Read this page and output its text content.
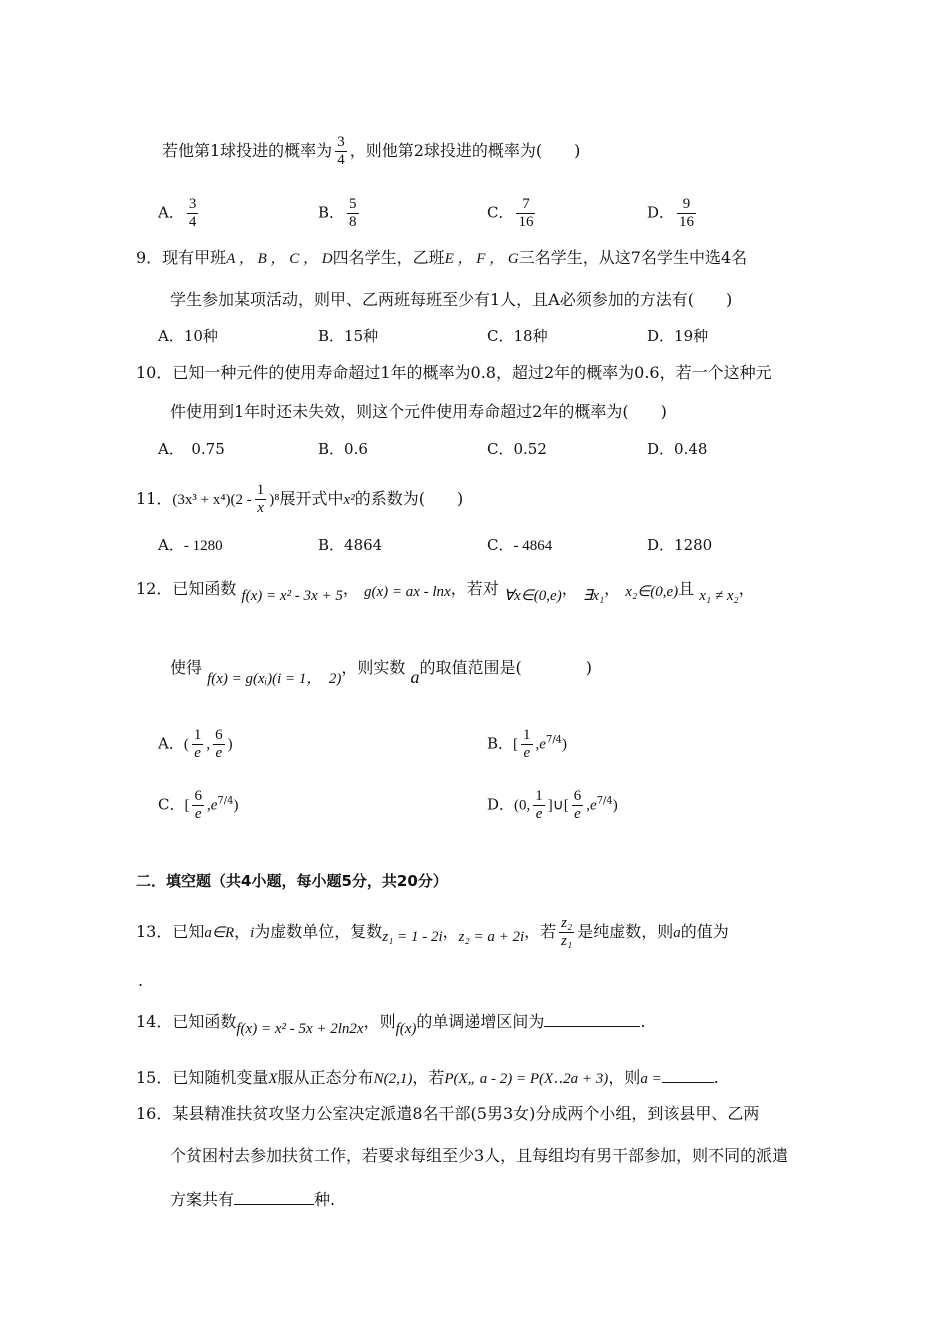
若他第1球投进的概率为 $\frac{3}{4}$ ，则他第2球投进的概率为(　　)
A． $\frac{3}{4}$	B． $\frac{5}{8}$	C． $\frac{7}{16}$	D． $\frac{9}{16}$
9．现有甲班A ， B ， C ， D四名学生，乙班E ， F ， G三名学生，从这7名学生中选4名
学生参加某项活动，则甲、乙两班每班至少有1人，且A必须参加的方法有(　　)
A．10种	B．15种	C．18种	D．19种
10．已知一种元件的使用寿命超过1年的概率为0.8，超过2年的概率为0.6，若一个这种元
件使用到1年时还未失效，则这个元件使用寿命超过2年的概率为(　　)
A．　0.75	B．0.6	C．0.52	D．0.48
11．$(3x^3 + x^4)(2 - \frac{1}{x} )^8$展开式中x²的系数为(　　)
A．- 1280	B．4864	C．- 4864	D．1280
12．已知函数 f(x) = x² - 3x + 5， g(x) = ax - lnx，若对 ∀x∈(0,e)， ∃x₁， x₂∈(0,e)且 x₁ ≠ x₂，
使得 f(x) = g(xᵢ)(i = 1，　2)，则实数 a的取值范围是(　　　　)
A．( $\frac{1}{e}$ , $\frac{6}{e}$ )	B．[ $\frac{1}{e} ,e^{7/4}$)
C．[ $\frac{6}{e} ,e^{7/4}$)	D．(0, $\frac{1}{e}$ ]∪[ $\frac{6}{e} ,e^{7/4}$)
二．填空题（共4小题，每小题5分，共20分）
13．已知a∈R，i为虚数单位，复数z₁ = 1 - 2i，z₂ = a + 2i，若 $\frac{\text{z₂}}{\text{z₁}}$ 是纯虚数，则a的值为
.
14．已知函数f(x) = x² - 5x + 2ln2x，则f(x)的单调递增区间为	.
15．已知随机变量X服从正态分布N(2,1)，若P(X„ a - 2) = P(X‥2a + 3)，则a =	.
16．某县精准扶贫攻坚力公室决定派遣8名干部(5男3女)分成两个小组，到该县甲、乙两
个贫困村去参加扶贫工作，若要求每组至少3人，且每组均有男干部参加，则不同的派遣
方案共有	种.
